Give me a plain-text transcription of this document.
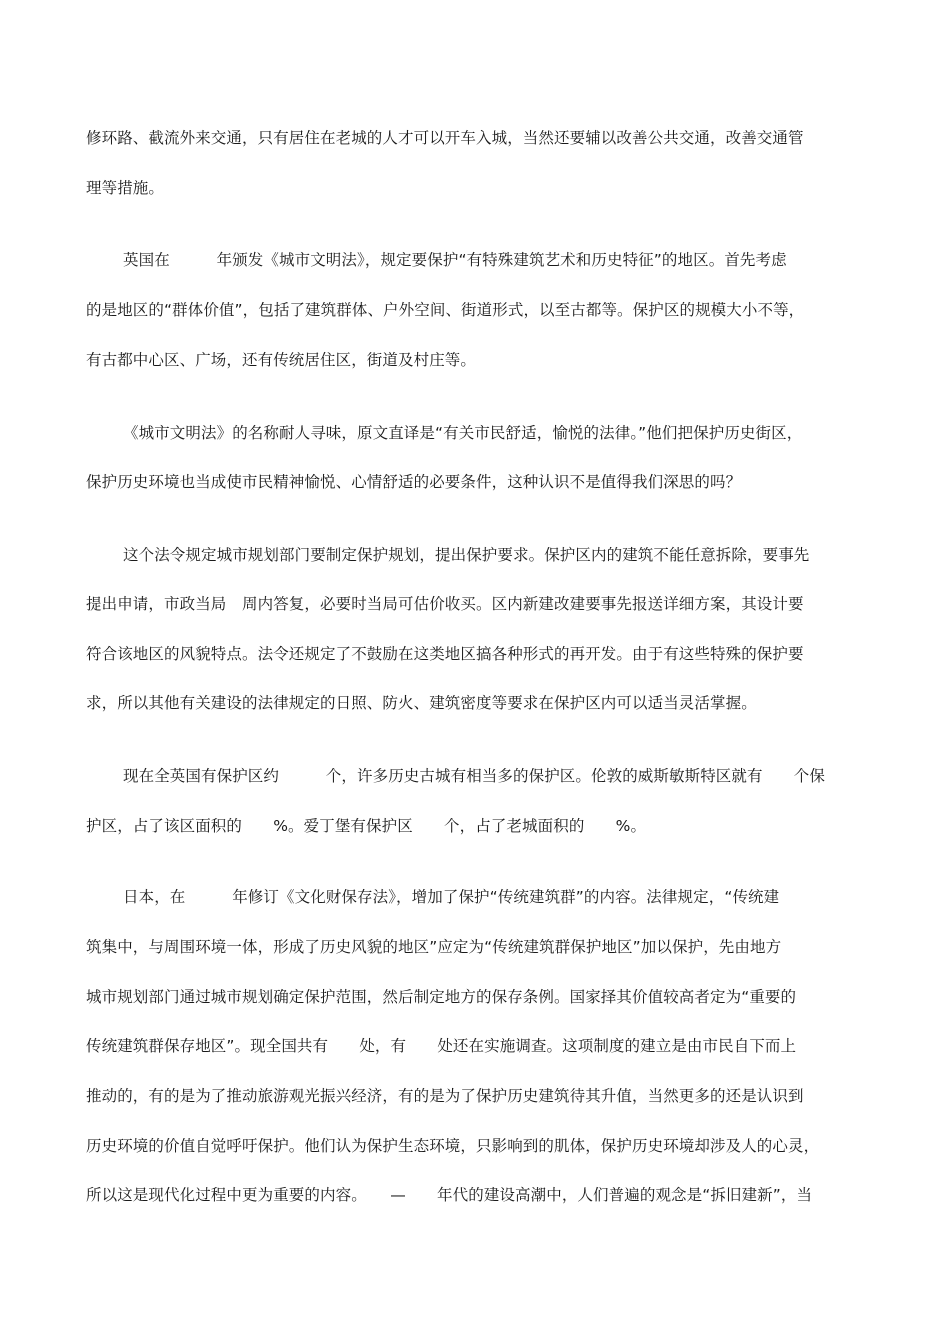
修环路、截流外来交通，只有居住在老城的人才可以开车入城，当然还要辅以改善公共交通，改善交通管
理等措施。
英国在　　　年颁发《城市文明法》，规定要保护“有特殊建筑艺术和历史特征”的地区。首先考虑
的是地区的“群体价值”，包括了建筑群体、户外空间、街道形式，以至古都等。保护区的规模大小不等，
有古都中心区、广场，还有传统居住区，街道及村庄等。
《城市文明法》的名称耐人寻味，原文直译是“有关市民舒适，愉悦的法律。”他们把保护历史街区，
保护历史环境也当成使市民精神愉悦、心情舒适的必要条件，这种认识不是值得我们深思的吗？
这个法令规定城市规划部门要制定保护规划，提出保护要求。保护区内的建筑不能任意拆除，要事先
提出申请，市政当局　周内答复，必要时当局可估价收买。区内新建改建要事先报送详细方案，其设计要
符合该地区的风貌特点。法令还规定了不鼓励在这类地区搞各种形式的再开发。由于有这些特殊的保护要
求，所以其他有关建设的法律规定的日照、防火、建筑密度等要求在保护区内可以适当灵活掌握。
现在全英国有保护区约　　　个，许多历史古城有相当多的保护区。伦敦的威斯敏斯特区就有　　个保
护区，占了该区面积的　　%。爱丁堡有保护区　　个，占了老城面积的　　%。
日本，在　　　年修订《文化财保存法》，增加了保护“传统建筑群”的内容。法律规定，“传统建
筑集中，与周围环境一体，形成了历史风貌的地区”应定为“传统建筑群保护地区”加以保护，先由地方
城市规划部门通过城市规划确定保护范围，然后制定地方的保存条例。国家择其价值较高者定为“重要的
传统建筑群保存地区”。现全国共有　　处，有　　处还在实施调查。这项制度的建立是由市民自下而上
推动的，有的是为了推动旅游观光振兴经济，有的是为了保护历史建筑待其升值，当然更多的还是认识到
历史环境的价值自觉呼吁保护。他们认为保护生态环境，只影响到的肌体，保护历史环境却涉及人的心灵，
所以这是现代化过程中更为重要的内容。　　—　　年代的建设高潮中，人们普遍的观念是“拆旧建新”，当
